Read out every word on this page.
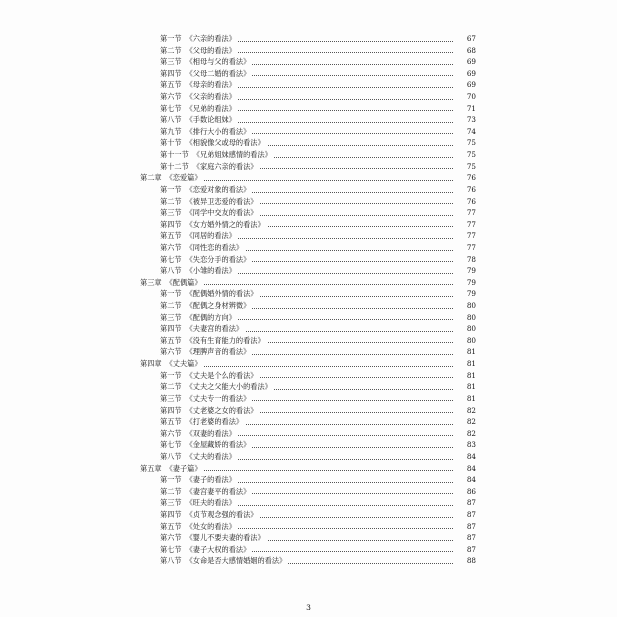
第一节 《六亲的看法》	67
第二节 《父母的看法》	68
第三节 《相母与父的看法》	69
第四节 《父母二婚的看法》	69
第五节 《母亲的看法》	69
第六节 《父亲的看法》	70
第七节 《兄弟的看法》	71
第八节 《手数论组妹》	73
第九节 《排行大小的看法》	74
第十节 《相貌像父或母的看法》	75
第十一节 《兄弟姐妹感情的看法》	75
第十二节 《家庭六亲的看法》	75
第二章 《恋爱篇》	76
第一节 《恋爱对象的看法》	76
第二节 《被异卫恋爱的看法》	76
第三节 《同学中交友的看法》	77
第四节 《女方婚外情之的看法》	77
第五节 《同居的看法》	77
第六节 《同性恋的看法》	77
第七节 《失恋分手的看法》	78
第八节 《小雏的看法》	79
第三章 《配偶篇》	79
第一节 《配偶婚外情的看法》	79
第二节 《配偶之身材辨微》	80
第三节 《配偶的方向》	80
第四节 《夫妻宫的看法》	80
第五节 《没有生育能力的看法》	80
第六节 《理脾声音的看法》	81
第四章 《丈夫篇》	81
第一节 《丈夫是个么的看法》	81
第二节 《丈夫之父能大小的看法》	81
第三节 《丈夫专一的看法》	81
第四节 《丈老婆之女的看法》	82
第五节 《打老婆的看法》	82
第六节 《双妻的看法》	82
第七节 《金屋藏娇的看法》	83
第八节 《丈夫的看法》	84
第五章 《妻子篇》	84
第一节 《妻子的看法》	84
第二节 《妻宫妻平的看法》	86
第三节 《旺夫的看法》	87
第四节 《贞节观念强的看法》	87
第五节 《处女的看法》	87
第六节 《婴儿不要夫妻的看法》	87
第七节 《妻子大权的看法》	87
第八节 《女命是否大感情婚姻的看法》	88
3
